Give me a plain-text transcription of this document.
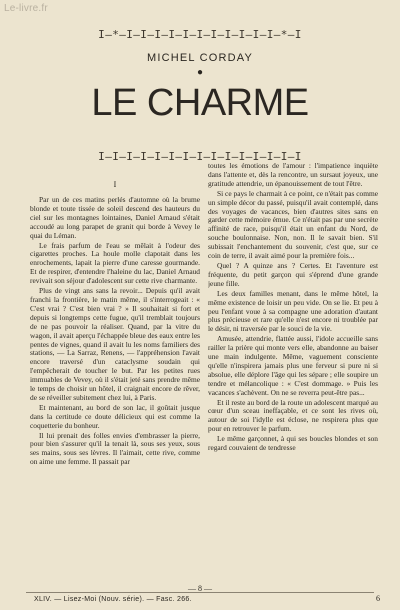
Le-livre.fr
I—*—I—I—I—I—I—I—I—I—I—I—I—*—I
MICHEL CORDAY
●
LE CHARME
I—I—I—I—I—I—I—I—I—I—I—I—I—I—I
I

Par un de ces matins perlés d'automne où la brume blonde et toute tissée de soleil descend des hauteurs du ciel sur les montagnes lointaines, Daniel Arnaud s'était accoudé au long parapet de granit qui borde à Vevey le quai du Léman.

Le frais parfum de l'eau se mêlait à l'odeur des cigarettes proches. La houle molle clapotait dans les enrochements, lapait la pierre d'une caresse gourmande. Et de respirer, d'entendre l'haleine du lac, Daniel Arnaud revivait son séjour d'adolescent sur cette rive charmante.

Plus de vingt ans sans la revoir... Depuis qu'il avait franchi la frontière, le matin même, il s'interrogeait : « C'est vrai ? C'est bien vrai ? » Il souhaitait si fort et depuis si longtemps cette fugue, qu'il tremblait toujours de ne pas pouvoir la réaliser. Quand, par la vitre du wagon, il avait aperçu l'échappée bleue des eaux entre les pentes de vignes, quand il avait lu les noms familiers des stations, — La Sarraz, Renens, — l'appréhension l'avait encore traversé d'un cataclysme soudain qui l'empêcherait de toucher le but. Par les petites rues immuables de Vevey, où il s'était jeté sans prendre même le temps de choisir un hôtel, il craignait encore de rêver, de se réveiller subitement chez lui, à Paris.

Et maintenant, au bord de son lac, il goûtait jusque dans la certitude ce doute délicieux qui est comme la coquetterie du bonheur.

Il lui prenait des folles envies d'embrasser la pierre, pour bien s'assurer qu'il la tenait là, sous ses yeux, sous ses mains, sous ses lèvres. Il l'aimait, cette rive, comme on aime une femme. Il passait par

toutes les émotions de l'amour : l'impatience inquiète dans l'attente et, dès la rencontre, un sursaut joyeux, une gratitude attendrie, un épanouissement de tout l'être.

Si ce pays le charmait à ce point, ce n'était pas comme un simple décor du passé, puisqu'il avait contemplé, dans des voyages de vacances, bien d'autres sites sans en garder cette mémoire émue. Ce n'était pas par une secrète affinité de race, puisqu'il était un enfant du Nord, de souche boulonnaise. Non, non. Il le savait bien. S'il subissait l'enchantement du souvenir, c'est que, sur ce coin de terre, il avait aimé pour la première fois...

Quel ? A quinze ans ? Certes. Et l'aventure est fréquente, du petit garçon qui s'éprend d'une grande jeune fille.

Les deux familles menant, dans le même hôtel, la même existence de loisir un peu vide. On se lie. Et peu à peu l'enfant voue à sa compagne une adoration d'autant plus précieuse et rare qu'elle n'est encore ni troublée par le désir, ni traversée par le souci de la vie.

Amusée, attendrie, flattée aussi, l'idole accueille sans railler la prière qui monte vers elle, abandonne au baiser une main indulgente. Même, vaguement consciente qu'elle n'inspirera jamais plus une ferveur si pure ni si absolue, elle déplore l'âge qui les sépare ; elle soupire un tendre et mélancolique : « C'est dommage. » Puis les vacances s'achèvent. On ne se reverra peut-être pas...

Et il reste au bord de la route un adolescent marqué au cœur d'un sceau ineffaçable, et ce sont les rives où, autour de soi l'idylle est éclose, ne respirera plus que pour en retrouver le parfum.

Le même garçonnet, à qui ses boucles blondes et son regard couvaient de tendresse

— 8 —
XLIV. — Lisez-Moi (Nouv. série). — Fasc. 266.	6
